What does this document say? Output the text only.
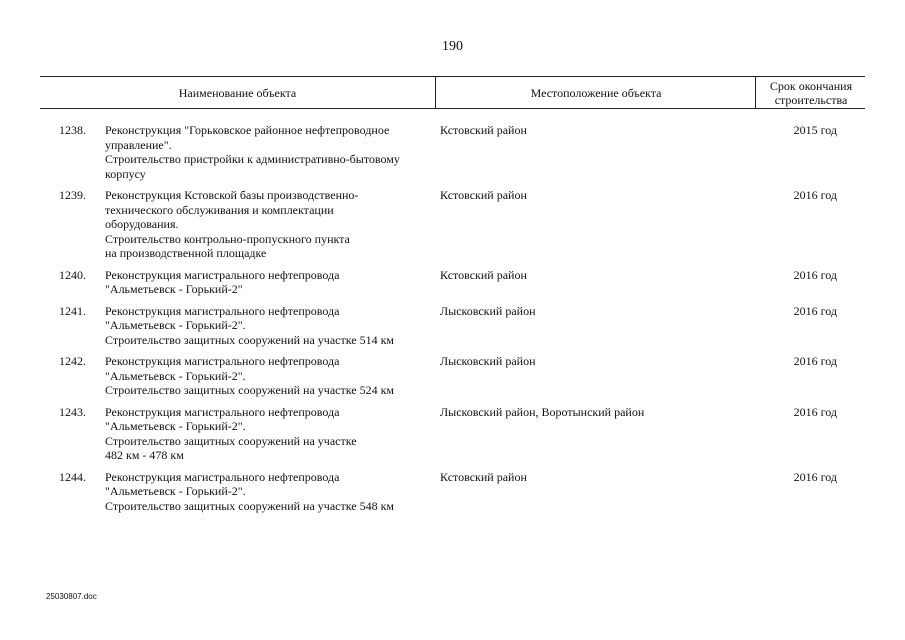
190
Наименование объекта	Местоположение объекта	Срок окончания
строительства
1238.	Реконструкция "Горьковское районное нефтепроводное
управление".
Строительство пристройки к административно-бытовому
корпусу
Кстовский район	2015 год
1239.	Реконструкция Кстовской базы производственно-
технического обслуживания и комплектации
оборудования.
Строительство контрольно-пропускного пункта
на производственной площадке
Кстовский район	2016 год
1240.	Реконструкция магистрального нефтепровода
"Альметьевск - Горький-2"
Кстовский район	2016 год
1241.	Реконструкция магистрального нефтепровода
"Альметьевск - Горький-2".
Строительство защитных сооружений на участке 514 км
Лысковский район	2016 год
1242.	Реконструкция магистрального нефтепровода
"Альметьевск - Горький-2".
Строительство защитных сооружений на участке 524 км
Лысковский район	2016 год
1243.	Реконструкция магистрального нефтепровода
"Альметьевск - Горький-2".
Строительство защитных сооружений на участке
482 км - 478 км
Лысковский район, Воротынский район	2016 год
1244.	Реконструкция магистрального нефтепровода
"Альметьевск - Горький-2".
Строительство защитных сооружений на участке 548 км
Кстовский район	2016 год
25030807.doc
